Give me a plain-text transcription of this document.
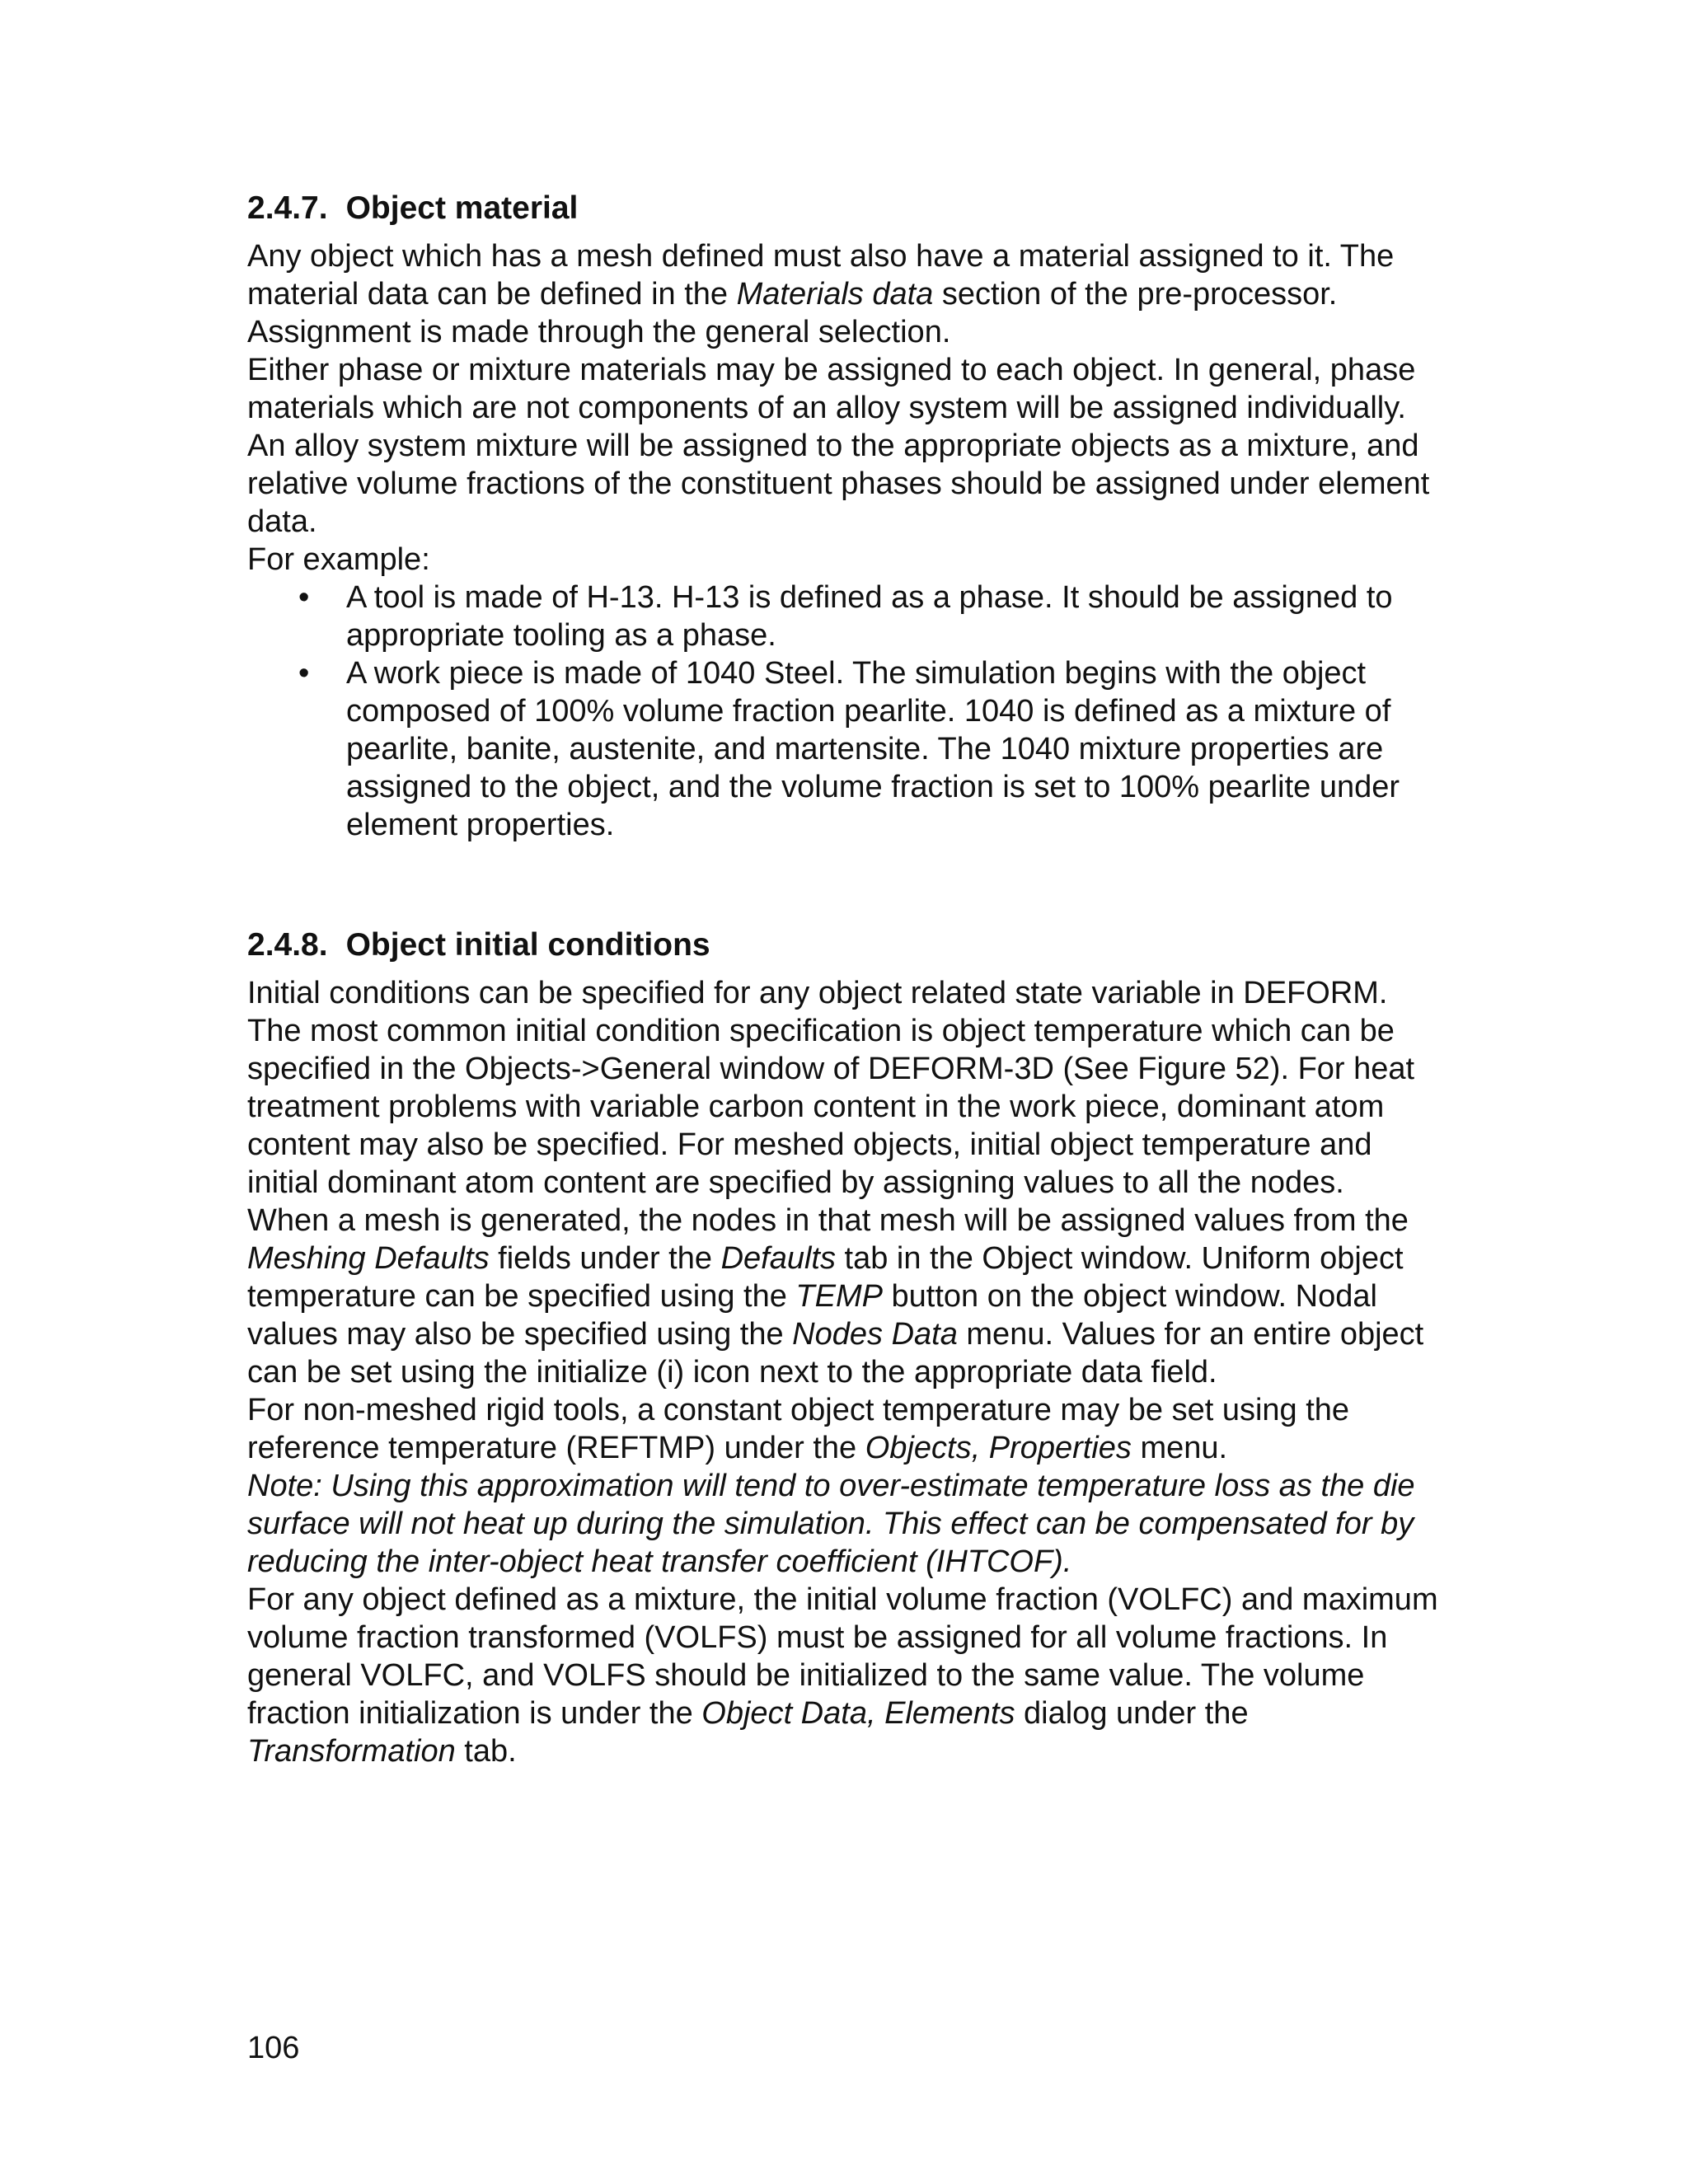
2.4.7. Object material

Any object which has a mesh defined must also have a material assigned to it. The material data can be defined in the Materials data section of the pre-processor. Assignment is made through the general selection.

Either phase or mixture materials may be assigned to each object. In general, phase materials which are not components of an alloy system will be assigned individually. An alloy system mixture will be assigned to the appropriate objects as a mixture, and relative volume fractions of the constituent phases should be assigned under element data.

For example:

• A tool is made of H-13. H-13 is defined as a phase. It should be assigned to appropriate tooling as a phase.
• A work piece is made of 1040 Steel. The simulation begins with the object composed of 100% volume fraction pearlite. 1040 is defined as a mixture of pearlite, banite, austenite, and martensite. The 1040 mixture properties are assigned to the object, and the volume fraction is set to 100% pearlite under element properties.
2.4.8. Object initial conditions

Initial conditions can be specified for any object related state variable in DEFORM. The most common initial condition specification is object temperature which can be specified in the Objects->General window of DEFORM-3D (See Figure 52). For heat treatment problems with variable carbon content in the work piece, dominant atom content may also be specified. For meshed objects, initial object temperature and initial dominant atom content are specified by assigning values to all the nodes.

When a mesh is generated, the nodes in that mesh will be assigned values from the Meshing Defaults fields under the Defaults tab in the Object window. Uniform object temperature can be specified using the TEMP button on the object window. Nodal values may also be specified using the Nodes Data menu. Values for an entire object can be set using the initialize (i) icon next to the appropriate data field.

For non-meshed rigid tools, a constant object temperature may be set using the reference temperature (REFTMP) under the Objects, Properties menu.

Note: Using this approximation will tend to over-estimate temperature loss as the die surface will not heat up during the simulation. This effect can be compensated for by reducing the inter-object heat transfer coefficient (IHTCOF).

For any object defined as a mixture, the initial volume fraction (VOLFC) and maximum volume fraction transformed (VOLFS) must be assigned for all volume fractions. In general VOLFC, and VOLFS should be initialized to the same value. The volume fraction initialization is under the Object Data, Elements dialog under the Transformation tab.

106
